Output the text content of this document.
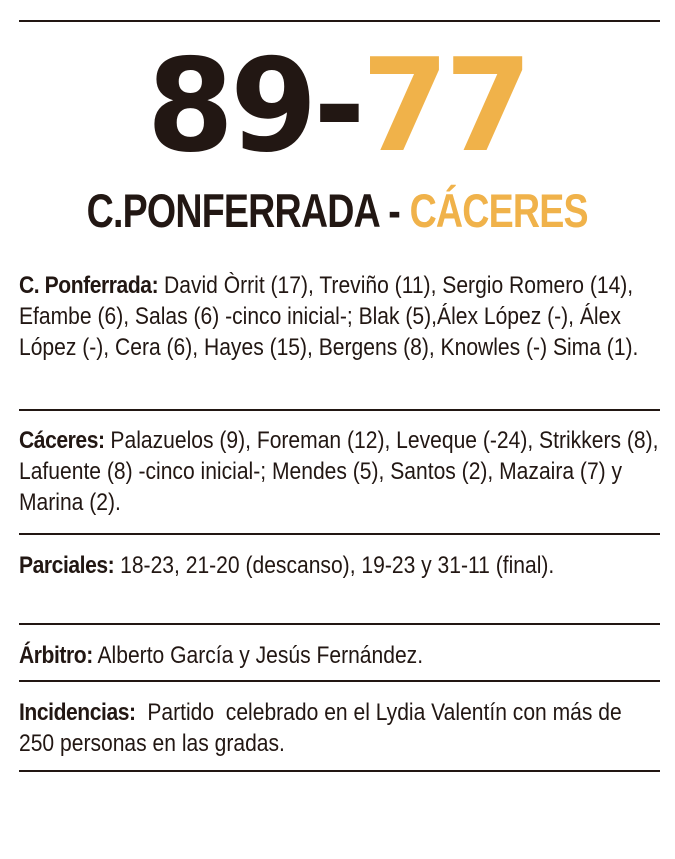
89-77
C.PONFERRADA - CÁCERES
C. Ponferrada: David Òrrit (17), Treviño (11), Sergio Romero (14), Efambe (6), Salas (6) -cinco inicial-; Blak (5),Álex López (-), Álex López (-), Cera (6), Hayes (15), Bergens (8), Knowles (-) Sima (1).
Cáceres: Palazuelos (9), Foreman (12), Leveque (-24), Strikkers (8), Lafuente (8) -cinco inicial-; Mendes (5), Santos (2), Mazaira (7) y Marina (2).
Parciales: 18-23, 21-20 (descanso), 19-23 y 31-11 (final).
Árbitro: Alberto García y Jesús Fernández.
Incidencias:  Partido  celebrado en el Lydia Valentín con más de 250 personas en las gradas.
